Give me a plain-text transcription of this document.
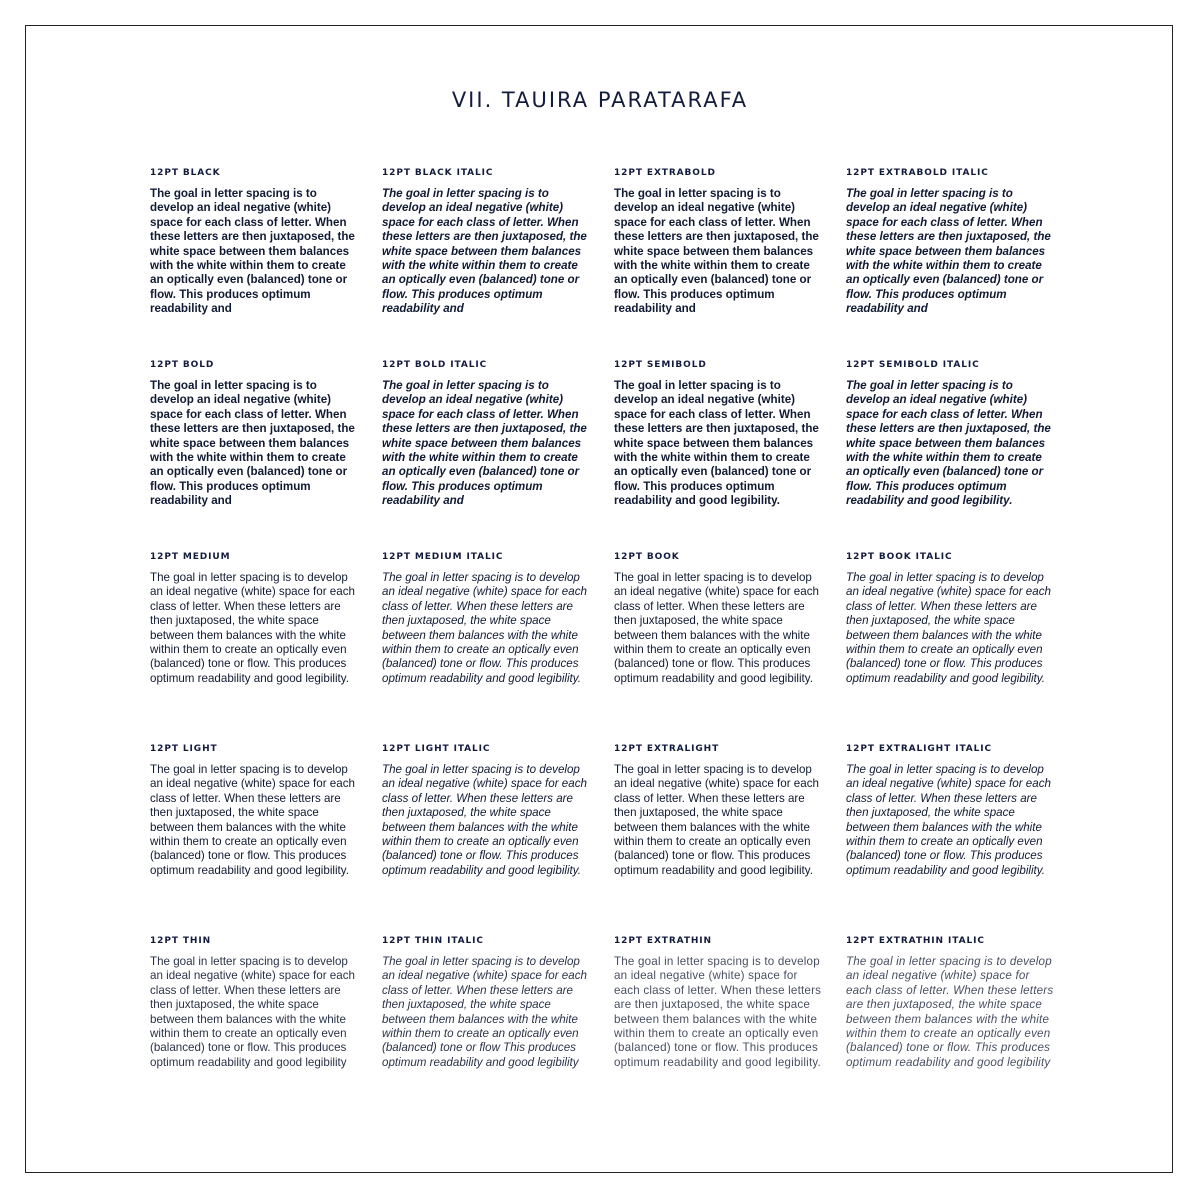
VII. TAUIRA PARATARAFA
12PT BLACK

The goal in letter spacing is to develop an ideal negative (white) space for each class of letter. When these letters are then juxtaposed, the white space between them balances with the white within them to create an optically even (balanced) tone or flow. This produces optimum readability and

12PT BLACK ITALIC

The goal in letter spacing is to develop an ideal negative (white) space for each class of letter. When these letters are then juxtaposed, the white space between them balances with the white within them to create an optically even (balanced) tone or flow. This produces optimum readability and

12PT EXTRABOLD

The goal in letter spacing is to develop an ideal negative (white) space for each class of letter. When these letters are then juxtaposed, the white space between them balances with the white within them to create an optically even (balanced) tone or flow. This produces optimum readability and

12PT EXTRABOLD ITALIC

The goal in letter spacing is to develop an ideal negative (white) space for each class of letter. When these letters are then juxtaposed, the white space between them balances with the white within them to create an optically even (balanced) tone or flow. This produces optimum readability and

12PT BOLD

The goal in letter spacing is to develop an ideal negative (white) space for each class of letter. When these letters are then juxtaposed, the white space between them balances with the white within them to create an optically even (balanced) tone or flow. This produces optimum readability and

12PT BOLD ITALIC

The goal in letter spacing is to develop an ideal negative (white) space for each class of letter. When these letters are then juxtaposed, the white space between them balances with the white within them to create an optically even (balanced) tone or flow. This produces optimum readability and

12PT SEMIBOLD

The goal in letter spacing is to develop an ideal negative (white) space for each class of letter. When these letters are then juxtaposed, the white space between them balances with the white within them to create an optically even (balanced) tone or flow. This produces optimum readability and good legibility.

12PT SEMIBOLD ITALIC

The goal in letter spacing is to develop an ideal negative (white) space for each class of letter. When these letters are then juxtaposed, the white space between them balances with the white within them to create an optically even (balanced) tone or flow. This produces optimum readability and good legibility.

12PT MEDIUM

The goal in letter spacing is to develop an ideal negative (white) space for each class of letter. When these letters are then juxtaposed, the white space between them balances with the white within them to create an optically even (balanced) tone or flow. This produces optimum readability and good legibility.

12PT MEDIUM ITALIC

The goal in letter spacing is to develop an ideal negative (white) space for each class of letter. When these letters are then juxtaposed, the white space between them balances with the white within them to create an optically even (balanced) tone or flow. This produces optimum readability and good legibility.

12PT BOOK

The goal in letter spacing is to develop an ideal negative (white) space for each class of letter. When these letters are then juxtaposed, the white space between them balances with the white within them to create an optically even (balanced) tone or flow. This produces optimum readability and good legibility.

12PT BOOK ITALIC

The goal in letter spacing is to develop an ideal negative (white) space for each class of letter. When these letters are then juxtaposed, the white space between them balances with the white within them to create an optically even (balanced) tone or flow. This produces optimum readability and good legibility.

12PT LIGHT

The goal in letter spacing is to develop an ideal negative (white) space for each class of letter. When these letters are then juxtaposed, the white space between them balances with the white within them to create an optically even (balanced) tone or flow. This produces optimum readability and good legibility.

12PT LIGHT ITALIC

The goal in letter spacing is to develop an ideal negative (white) space for each class of letter. When these letters are then juxtaposed, the white space between them balances with the white within them to create an optically even (balanced) tone or flow. This produces optimum readability and good legibility.

12PT EXTRALIGHT

The goal in letter spacing is to develop an ideal negative (white) space for each class of letter. When these letters are then juxtaposed, the white space between them balances with the white within them to create an optically even (balanced) tone or flow. This produces optimum readability and good legibility.

12PT EXTRALIGHT ITALIC

The goal in letter spacing is to develop an ideal negative (white) space for each class of letter. When these letters are then juxtaposed, the white space between them balances with the white within them to create an optically even (balanced) tone or flow. This produces optimum readability and good legibility.

12PT THIN

The goal in letter spacing is to develop an ideal negative (white) space for each class of letter. When these letters are then juxtaposed, the white space between them balances with the white within them to create an optically even (balanced) tone or flow. This produces optimum readability and good legibility

12PT THIN ITALIC

The goal in letter spacing is to develop an ideal negative (white) space for each class of letter. When these letters are then juxtaposed, the white space between them balances with the white within them to create an optically even (balanced) tone or flow This produces optimum readability and good legibility

12PT EXTRATHIN

The goal in letter spacing is to develop an ideal negative (white) space for each class of letter. When these letters are then juxtaposed, the white space between them balances with the white within them to create an optically even (balanced) tone or flow. This produces optimum readability and good legibility.

12PT EXTRATHIN ITALIC

The goal in letter spacing is to develop an ideal negative (white) space for each class of letter. When these letters are then juxtaposed, the white space between them balances with the white within them to create an optically even (balanced) tone or flow. This produces optimum readability and good legibility
